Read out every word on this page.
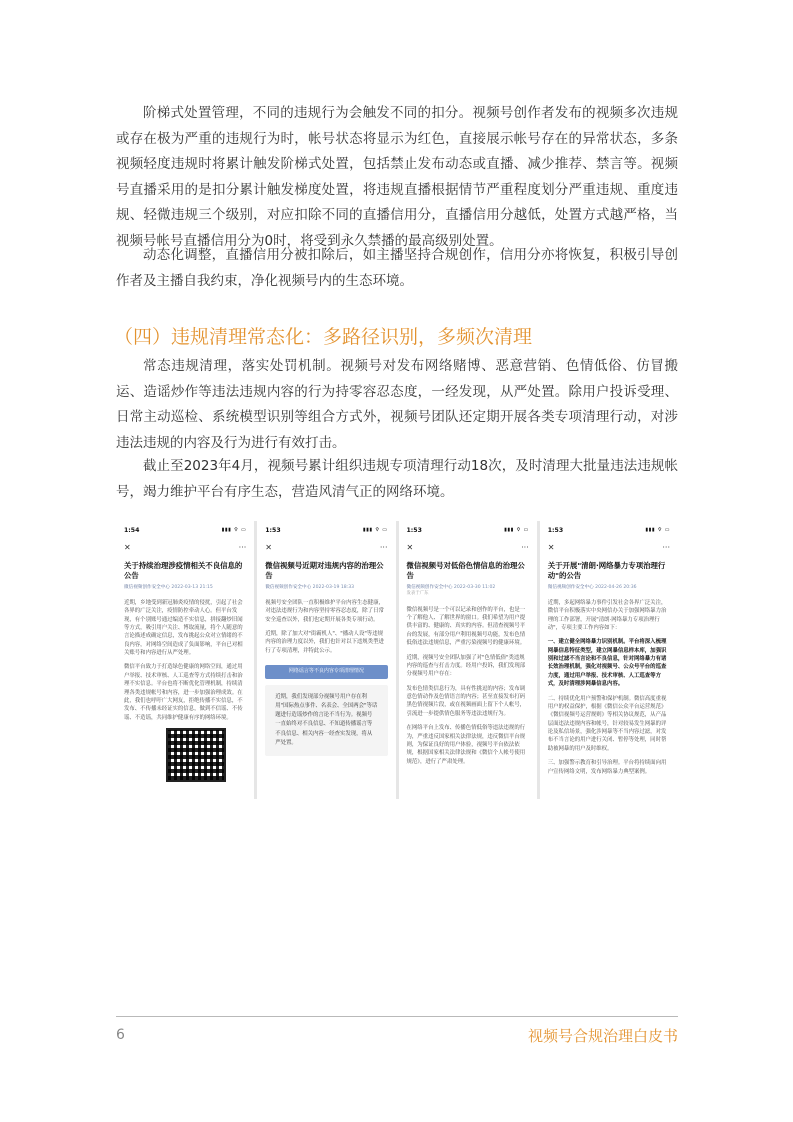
阶梯式处置管理，不同的违规行为会触发不同的扣分。视频号创作者发布的视频多次违规或存在极为严重的违规行为时，帐号状态将显示为红色，直接展示帐号存在的异常状态，多条视频轻度违规时将累计触发阶梯式处置，包括禁止发布动态或直播、减少推荐、禁言等。视频号直播采用的是扣分累计触发梯度处置，将违规直播根据情节严重程度划分严重违规、重度违规、轻微违规三个级别，对应扣除不同的直播信用分，直播信用分越低，处置方式越严格，当视频号帐号直播信用分为0时，将受到永久禁播的最高级别处置。

动态化调整，直播信用分被扣除后，如主播坚持合规创作，信用分亦将恢复，积极引导创作者及主播自我约束，净化视频号内的生态环境。

（四）违规清理常态化：多路径识别，多频次清理

常态违规清理，落实处罚机制。视频号对发布网络赌博、恶意营销、色情低俗、仿冒搬运、造谣炒作等违法违规内容的行为持零容忍态度，一经发现，从严处置。除用户投诉受理、日常主动巡检、系统模型识别等组合方式外，视频号团队还定期开展各类专项清理行动，对涉违法违规的内容及行为进行有效打击。

截止至2023年4月，视频号累计组织违规专项清理行动18次，及时清理大批量违法违规帐号，竭力维护平台有序生态，营造风清气正的网络环境。

1:54	▮▮▮ ⌔ ▭
✕	···
关于持续治理涉疫情相关不良信息的公告
微信视频创作安全中心 2022-03-13 21:15

近期，乡地受到新冠肺炎疫情的侵扰，引起了社会各界的广泛关注，疫情防控牵动人心。但平台发现，有个别账号通过编造不实信息，拼接翻炒旧闻等方式，吸引用户关注、博取流量，将个人随意的言论描述成确定信息，发布挑起公众对立情绪的不良内容，对网络空间造成了负面影响，平台已对相关账号和内容进行从严处理。

微信平台致力于打造绿色健康的网络空间，通过用户举报、技术审核、人工巡查等方式持续打击和治理不实信息。平台也将不断优化管理机制，持续清理各类违规帐号和内容，进一步加强治理成效。在此，我们也呼吁广大网友，拒绝传播不实信息，不发布、不传播未经证实的信息，做到不信谣、不传谣、不造谣，共同维护健康有序的网络环境。

1:53	▮▮▮ ⌔ ▭
✕	···
微信视频号近期对违规内容的治理公告
微信视频创作安全中心 2022-03-19 18:33

视频号安全团队一直积极维护平台内容生态健康，对违法违规行为和内容坚持零容忍态度，除了日常安全巡查以外，我们也定期开展各类专项行动。

近期，除了加大对"街霸机人"、"播动人设"等违规内容的治理力度以外，我们也针对以下违规类型进行了专项清理，并特此公示。

网络谣言等不良内容专项清理情况
近期，我们发现部分视频号用户存在利用"国际热点事件、名表会、全国两会"等话题进行造谣炒作的言论不当行为。视频号一直始终对不良信息、不知道传播谣言等不良信息、相关内容一经查实发现，将从严处置。
1:53	▮▮▮ ⌔ ▭
✕	···
微信视频号对低俗色情信息的治理公告
微信视频创作安全中心 2022-03-30 11:02
发表于广东

微信视频号是一个可以记录和创作的平台，也是一个了解他人、了解世界的窗口。我们希望为用户提供丰富的、健康的、真实的内容。但清查视频号平台的发展，有部分用户利用视频号功能，发布色情低俗违法违规信息，严重污染视频号的健康环境。

近期，视频号安全团队加强了对"色情低俗"类违规内容的巡查与打击力度。经用户投诉，我们发现部分视频号用户存在：

发布色情类信息行为，具有性挑逗的内容；发布调意色情动作及色情语言的内容；甚至直接发布打码黑色情视频片段，或在视频画面上留下个人帐号，引流进一步提供情色服务等违法违规行为。

在网络平台上发布、传播色情低俗等违法违规的行为，严重违反国家相关法律法规，违反微信平台规则，为保证良好的用户体验，视频号平台依法依规，根据国家相关法律法规和《微信个人帐号使用规范》，进行了严肃处理。

1:53	▮▮▮ ⌔ ▭
✕	···
关于开展"清朗·网络暴力专项治理行动"的公告
微信视频创作安全中心 2022-04-26 20:36

近期，多起网络暴力事件引发社会各界广泛关注，微信平台积极落实中央网信办关于加强网络暴力治理的工作部署，开展"清朗·网络暴力专项治理行动"，专项主要工作内容如下：

一、建立健全网络暴力识别机制。平台将深入梳理网暴信息特征类型，建立网暴信息样本库，加强识别和过滤不当言论和不良信息，针对网络暴力有诸长效治理机制，强化对视频号、公众号平台的巡查力度，通过用户举报、技术审核、人工巡查等方式，及时清理涉网暴信息内容。

二、持续优化用户预警和保护机制。微信高度重视用户的权益保护，根据《微信公众平台运营规范》《微信视频号运营规则》等相关协议规范，从产品层面违法违规内容和帐号，针对较易发生网暴的评论及私信场景，强化涉网暴等不当内容过滤，对发布不当言论的用户进行关闭、暂停等处理，同时帮助被网暴的用户及时维权。

三、加强警示教育和引导治理。平台将持续面向用户宣传网络文明，发布网络暴力典型案例。

6	视频号合规治理白皮书
